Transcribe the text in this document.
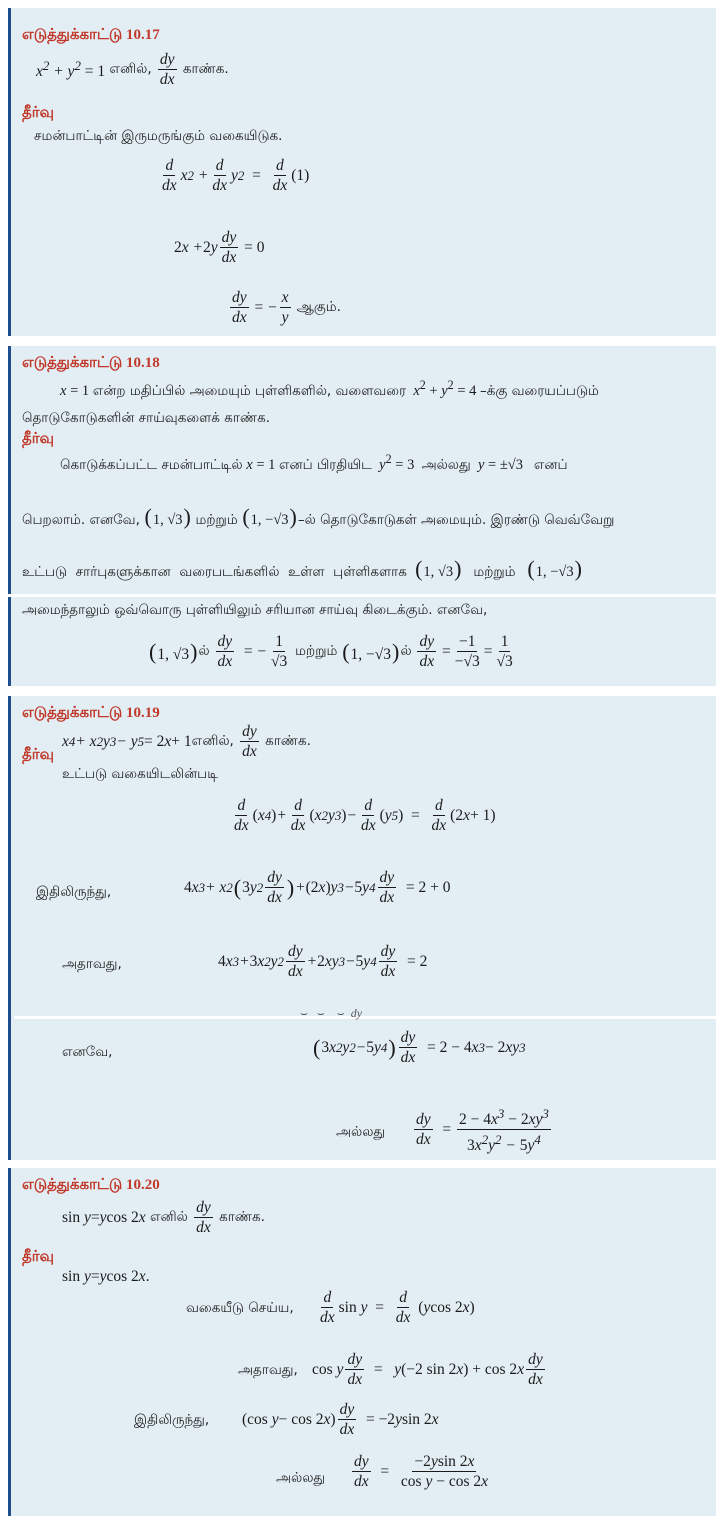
எடுத்துக்காட்டு 10.17
$x^2 + y^2 = 1$ எனில், $\frac{dy}{dx}$ காண்க.
தீர்வு
சமன்பாட்டின் இருமருங்கும் வகையிடுக.
$\frac{d}{dx}$ x $2 + \frac{d}{dx}$ y 2
=
$\frac{d}{dx} (1)$
2 x + 2 y $\frac{dy}{dx}$
= 0
$\frac{dy}{dx}$
= − $\frac{x}{y}$ ஆகும்.
எடுத்துக்காட்டு 10.18
x = 1 என்ற மதிப்பில் அமையும் புள்ளிகளில், வளைவரை $x^2 + y^2 = 4$ –க்கு வரையப்படும்
தொடுகோடுகளின் சாய்வுகளைக் காண்க.
தீர்வு
கொடுக்கப்பட்ட சமன்பாட்டில் x = 1 எனப் பிரதியிட $y^2 = 3$  அல்லது y = ±√3   எனப்
பெறலாம். எனவே, (1, √3) மற்றும் (1, −√3)–ல் தொடுகோடுகள் அமையும். இரண்டு வெவ்வேறு
உட்படு  சார்புகளுக்கான  வரைபடங்களில்  உள்ள  புள்ளிகளாக (1, √3) மற்றும் (1, −√3)
அமைந்தாலும் ஒவ்வொரு புள்ளியிலும் சரியான சாய்வு கிடைக்கும். எனவே,
(1, √3) ல்
$\frac{dy}{dx}$
= − $\frac{1}{√3}$
மற்றும்
(1, −√3) ல்
$\frac{dy}{dx}$
= $\frac{-1}{-√3} = \frac{1}{√3}$
எடுத்துக்காட்டு 10.19
x 4 + x 2 y 3 − y 5 = 2 x + 1 எனில், $\frac{dy}{dx}$ காண்க.
தீர்வு
உட்படு வகையிடலின்படி
$\frac{d}{dx}$ ( x 4 ) + $\frac{d}{dx}$ ( x 2 y 3 ) − $\frac{d}{dx}$ ( y 5 )
=
$\frac{d}{dx} (2$ x + 1)
இதிலிருந்து,	4 x 3 + x 2 ( 3 y $2 \frac{dy}{dx}$ ) + (2 x ) y 3 − 5 y $4 \frac{dy}{dx}$
= 2 + 0
அதாவது,	4 x 3 + 3 x 2 y $2 \frac{dy}{dx} + 2$ xy 3 − 5 y $4 \frac{dy}{dx}$
= 2
⌣   ⌣    ⌣  dy
எனவே,	( 3 x 2 y 2 − 5 y 4 ) $\frac{dy}{dx}$
= 2 − 4 x 3 − 2 xy 3
அல்லது $\frac{dy}{dx}$
=
$\frac{2 - 4x^3 - 2xy^3}{3x^2y^2 - 5y^4}$
எடுத்துக்காட்டு 10.20
sin y = y cos 2 x எனில் $\frac{dy}{dx}$ காண்க.
தீர்வு
sin y = y cos 2 x .
வகையீடு செய்ய, $\frac{d}{dx}$ sin y =
$\frac{d}{dx}$
( y cos 2 x )
அதாவது, cos y $\frac{dy}{dx}$
= y (−2 sin 2 x ) + cos 2 x $\frac{dy}{dx}$
இதிலிருந்து, (cos y − cos 2 x ) $\frac{dy}{dx}$
= −2 y sin 2 x
அல்லது $\frac{dy}{dx}$
=
$\frac{-2ysin 2x}{\text{cos y − cos 2x}}$
